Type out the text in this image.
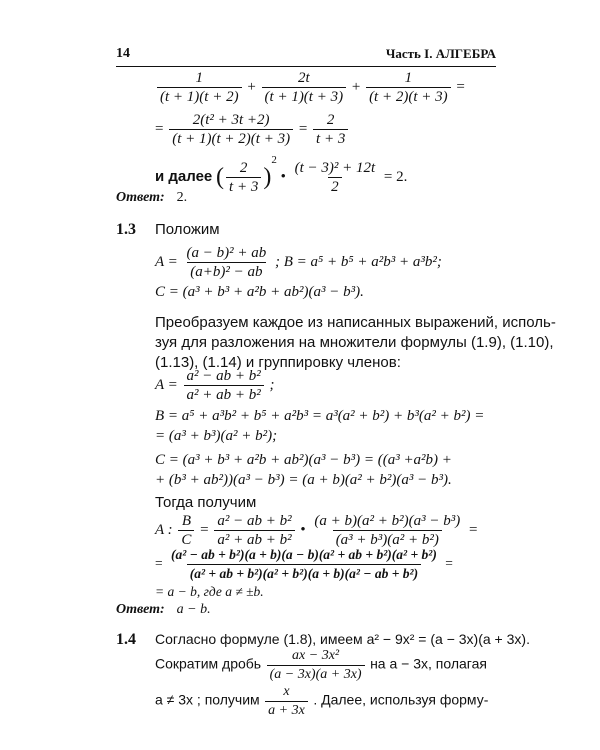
14	Часть I. АЛГЕБРА
$\frac{1}{(t + 1)(t + 2)} + \frac{2t}{(t + 1)(t + 3)} + \frac{1}{(t + 2)(t + 3)}$ =
= $\frac{\text{2(t² + 3t +2)}}{(t + 1)(t + 2)(t + 3)} = \frac{2}{t + 3}$
и далее ( $\frac{2}{t + 3} )^2$ • $\frac{\text{(t − 3)² + 12t}}{2} = 2$.
Ответ: 2.
1.3 Положим
$A = \frac{\text{(a − b)² + ab}}{\text{(a+b)² − ab}}$ ; B = a⁵ + b⁵ + a²b³ + a³b²;
C = (a³ + b³ + a²b + ab²)(a³ − b³).
Преобразуем каждое из написанных выражений, исполь-
зуя для разложения на множители формулы (1.9), (1.10),
(1.13), (1.14) и группировку членов:
$A = \frac{\text{a² − ab + b²}}{\text{a² + ab + b²}}$ ;
B = a⁵ + a³b² + b⁵ + a²b³ = a³(a² + b²) + b³(a² + b²) =
= (a³ + b³)(a² + b²);
C = (a³ + b³ + a²b + ab²)(a³ − b³) = ((a³ +a²b) +
+ (b³ + ab²))(a³ − b³) = (a + b)(a² + b²)(a³ − b³).
Тогда получим
A : $\frac{B}{C} = \frac{\text{a² − ab + b²}}{\text{a² + ab + b²}}$ • $\frac{\text{(a + b)(a² + b²)(a³ − b³)}}{\text{(a³ + b³)(a² + b²)}}$ =
= $\frac{\text{(a² − ab + b²)(a + b)(a − b)(a² + ab + b²)(a² + b²)}}{\text{(a² + ab + b²)(a² + b²)(a + b)(a² − ab + b²)}}$ =
= a − b, где a ≠ ±b.
Ответ: a − b.
1.4 Согласно формуле (1.8), имеем a² − 9x² = (a − 3x)(a + 3x).
Сократим дробь $\frac{\text{ax − 3x²}}{(a - 3x)(a + 3x)}$ на a − 3x, полагая
a ≠ 3x ; получим $\frac{x}{a + 3x}$ . Далее, используя форму-
